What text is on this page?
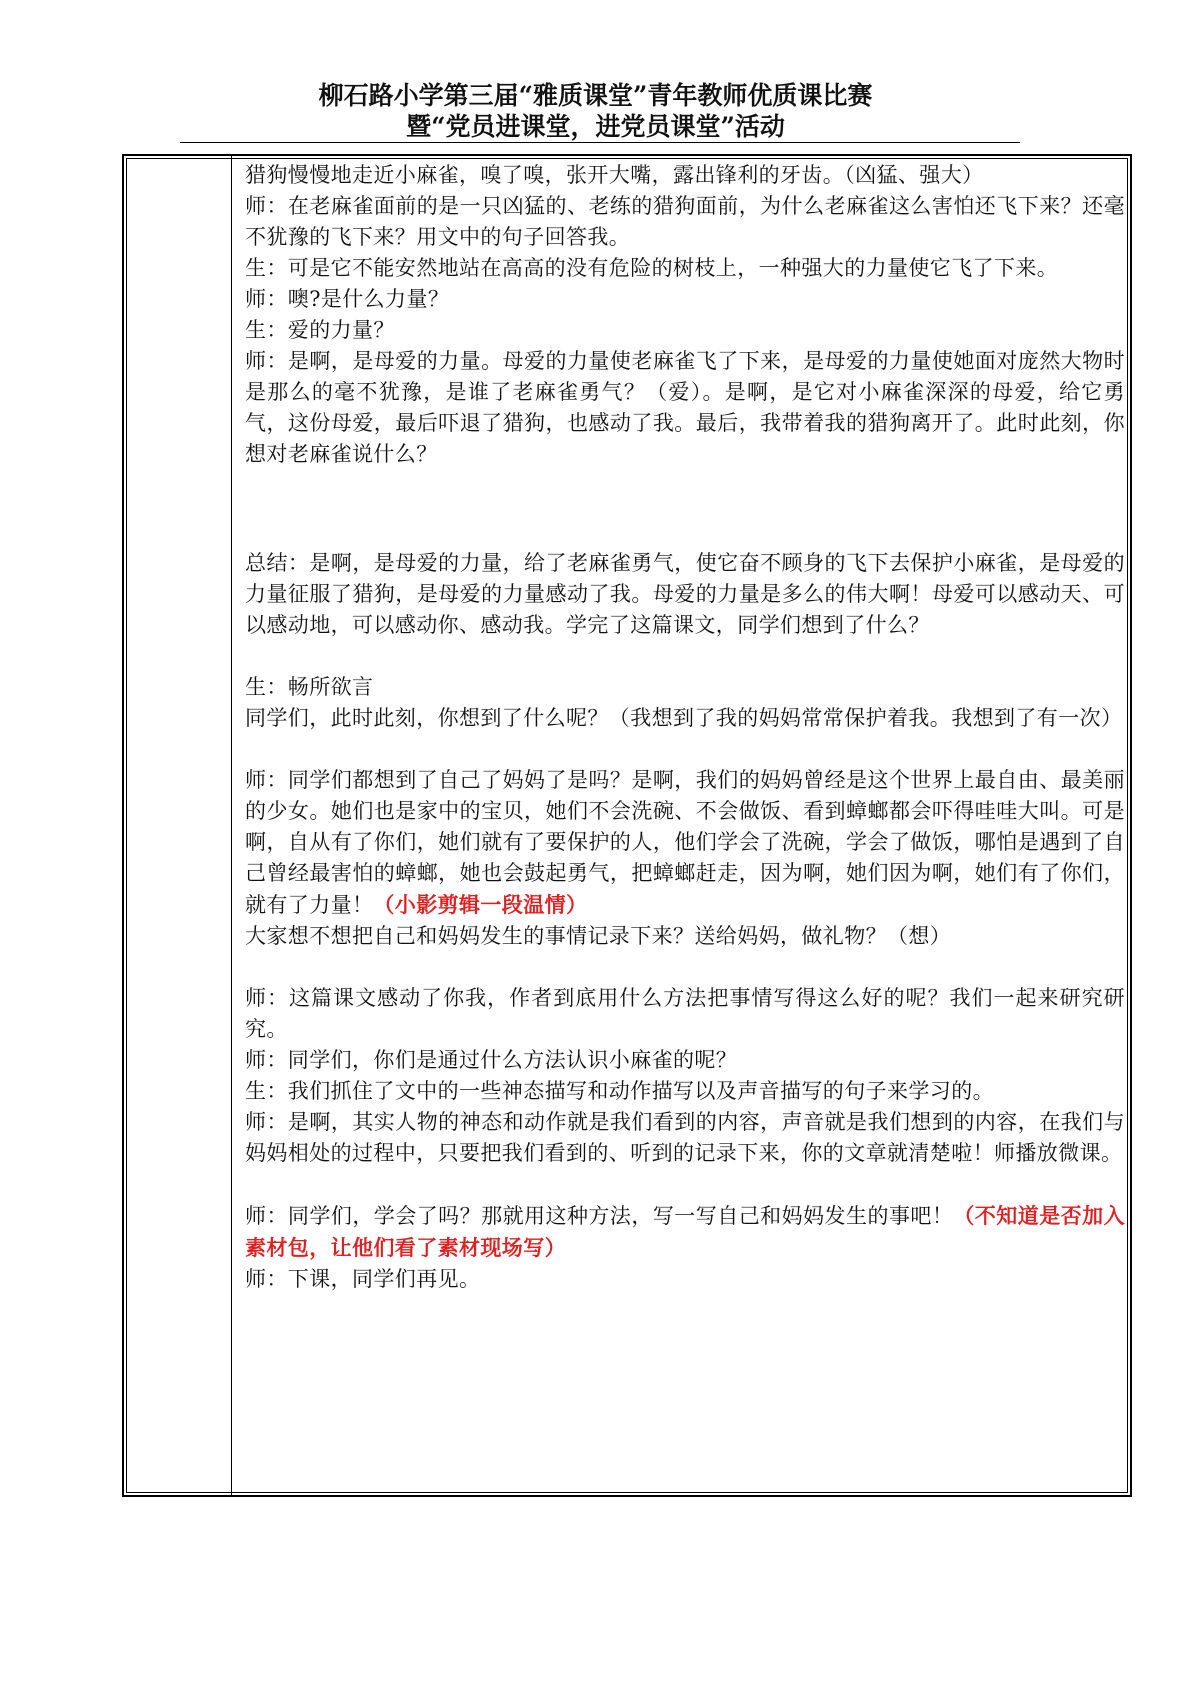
柳石路小学第三届“雅质课堂”青年教师优质课比赛
暨“党员进课堂，进党员课堂”活动

猎狗慢慢地走近小麻雀，嗅了嗅，张开大嘴，露出锋利的牙齿。（凶猛、强大）

师：在老麻雀面前的是一只凶猛的、老练的猎狗面前，为什么老麻雀这么害怕还飞下来？还毫不犹豫的飞下来？用文中的句子回答我。

生：可是它不能安然地站在高高的没有危险的树枝上，一种强大的力量使它飞了下来。

师：噢?是什么力量？

生：爱的力量？

师：是啊，是母爱的力量。母爱的力量使老麻雀飞了下来，是母爱的力量使她面对庞然大物时是那么的毫不犹豫，是谁了老麻雀勇气？（爱）。是啊，是它对小麻雀深深的母爱，给它勇气，这份母爱，最后吓退了猎狗，也感动了我。最后，我带着我的猎狗离开了。此时此刻，你想对老麻雀说什么？

总结：是啊，是母爱的力量，给了老麻雀勇气，使它奋不顾身的飞下去保护小麻雀，是母爱的力量征服了猎狗，是母爱的力量感动了我。母爱的力量是多么的伟大啊！母爱可以感动天、可以感动地，可以感动你、感动我。学完了这篇课文，同学们想到了什么？

生：畅所欲言

同学们，此时此刻，你想到了什么呢？（我想到了我的妈妈常常保护着我。我想到了有一次）

师：同学们都想到了自己了妈妈了是吗？是啊，我们的妈妈曾经是这个世界上最自由、最美丽的少女。她们也是家中的宝贝，她们不会洗碗、不会做饭、看到蟑螂都会吓得哇哇大叫。可是啊，自从有了你们，她们就有了要保护的人，他们学会了洗碗，学会了做饭，哪怕是遇到了自己曾经最害怕的蟑螂，她也会鼓起勇气，把蟑螂赶走，因为啊，她们因为啊，她们有了你们，就有了力量！（小影剪辑一段温情）

大家想不想把自己和妈妈发生的事情记录下来？送给妈妈，做礼物？（想）

师：这篇课文感动了你我，作者到底用什么方法把事情写得这么好的呢？我们一起来研究研究。

师：同学们，你们是通过什么方法认识小麻雀的呢？

生：我们抓住了文中的一些神态描写和动作描写以及声音描写的句子来学习的。

师：是啊，其实人物的神态和动作就是我们看到的内容，声音就是我们想到的内容，在我们与妈妈相处的过程中，只要把我们看到的、听到的记录下来，你的文章就清楚啦！师播放微课。

师：同学们，学会了吗？那就用这种方法，写一写自己和妈妈发生的事吧！（不知道是否加入素材包，让他们看了素材现场写）

师：下课，同学们再见。
